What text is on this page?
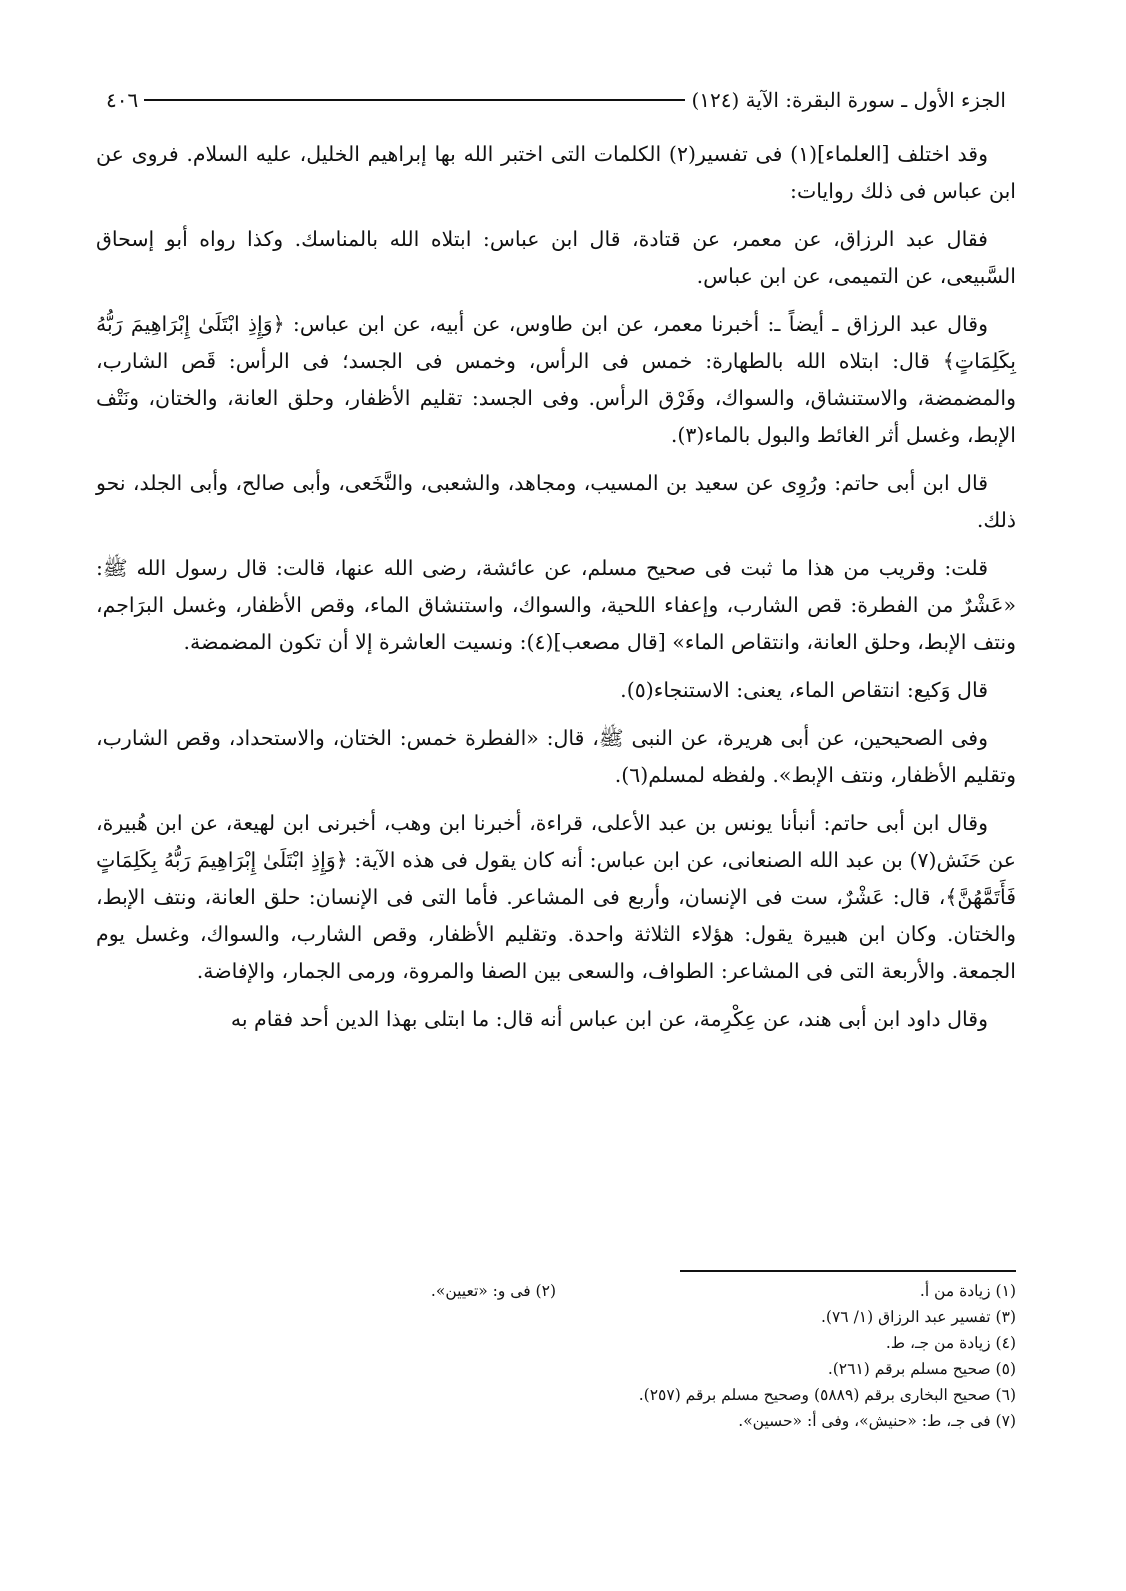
الجزء الأول ـ سورة البقرة: الآية (١٢٤)
٤٠٦

وقد اختلف [العلماء](١) فى تفسير(٢) الكلمات التى اختبر الله بها إبراهيم الخليل، عليه السلام. فروى عن ابن عباس فى ذلك روايات:

فقال عبد الرزاق، عن معمر، عن قتادة، قال ابن عباس: ابتلاه الله بالمناسك. وكذا رواه أبو إسحاق السَّبيعى، عن التميمى، عن ابن عباس.

وقال عبد الرزاق ـ أيضاً ـ: أخبرنا معمر، عن ابن طاوس، عن أبيه، عن ابن عباس: ﴿وَإِذِ ابْتَلَىٰ إِبْرَاهِيمَ رَبُّهُ بِكَلِمَاتٍ﴾ قال: ابتلاه الله بالطهارة: خمس فى الرأس، وخمس فى الجسد؛ فى الرأس: قَص الشارب، والمضمضة، والاستنشاق، والسواك، وفَرْق الرأس. وفى الجسد: تقليم الأظفار، وحلق العانة، والختان، ونَتْف الإبط، وغسل أثر الغائط والبول بالماء(٣).

قال ابن أبى حاتم: ورُوِى عن سعيد بن المسيب، ومجاهد، والشعبى، والنَّخَعى، وأبى صالح، وأبى الجلد، نحو ذلك.

قلت: وقريب من هذا ما ثبت فى صحيح مسلم، عن عائشة، رضى الله عنها، قالت: قال رسول الله ﷺ: «عَشْرٌ من الفطرة: قص الشارب، وإعفاء اللحية، والسواك، واستنشاق الماء، وقص الأظفار، وغسل البرَاجم، ونتف الإبط، وحلق العانة، وانتقاص الماء» [قال مصعب](٤): ونسيت العاشرة إلا أن تكون المضمضة.

قال وَكيع: انتقاص الماء، يعنى: الاستنجاء(٥).

وفى الصحيحين، عن أبى هريرة، عن النبى ﷺ، قال: «الفطرة خمس: الختان، والاستحداد، وقص الشارب، وتقليم الأظفار، ونتف الإبط». ولفظه لمسلم(٦).

وقال ابن أبى حاتم: أنبأنا يونس بن عبد الأعلى، قراءة، أخبرنا ابن وهب، أخبرنى ابن لهيعة، عن ابن هُبيرة، عن حَنَش(٧) بن عبد الله الصنعانى، عن ابن عباس: أنه كان يقول فى هذه الآية: ﴿وَإِذِ ابْتَلَىٰ إِبْرَاهِيمَ رَبُّهُ بِكَلِمَاتٍ فَأَتَمَّهُنَّ﴾، قال: عَشْرٌ، ست فى الإنسان، وأربع فى المشاعر. فأما التى فى الإنسان: حلق العانة، ونتف الإبط، والختان. وكان ابن هبيرة يقول: هؤلاء الثلاثة واحدة. وتقليم الأظفار، وقص الشارب، والسواك، وغسل يوم الجمعة. والأربعة التى فى المشاعر: الطواف، والسعى بين الصفا والمروة، ورمى الجمار، والإفاضة.

وقال داود ابن أبى هند، عن عِكْرِمة، عن ابن عباس أنه قال: ما ابتلى بهذا الدين أحد فقام به

(١) زيادة من أ.

(٢) فى و: «تعيين».

(٣) تفسير عبد الرزاق (١/ ٧٦).

(٤) زيادة من جـ، ط.

(٥) صحيح مسلم برقم (٢٦١).

(٦) صحيح البخارى برقم (٥٨٨٩) وصحيح مسلم برقم (٢٥٧).

(٧) فى جـ، ط: «حنيش»، وفى أ: «حسين».
